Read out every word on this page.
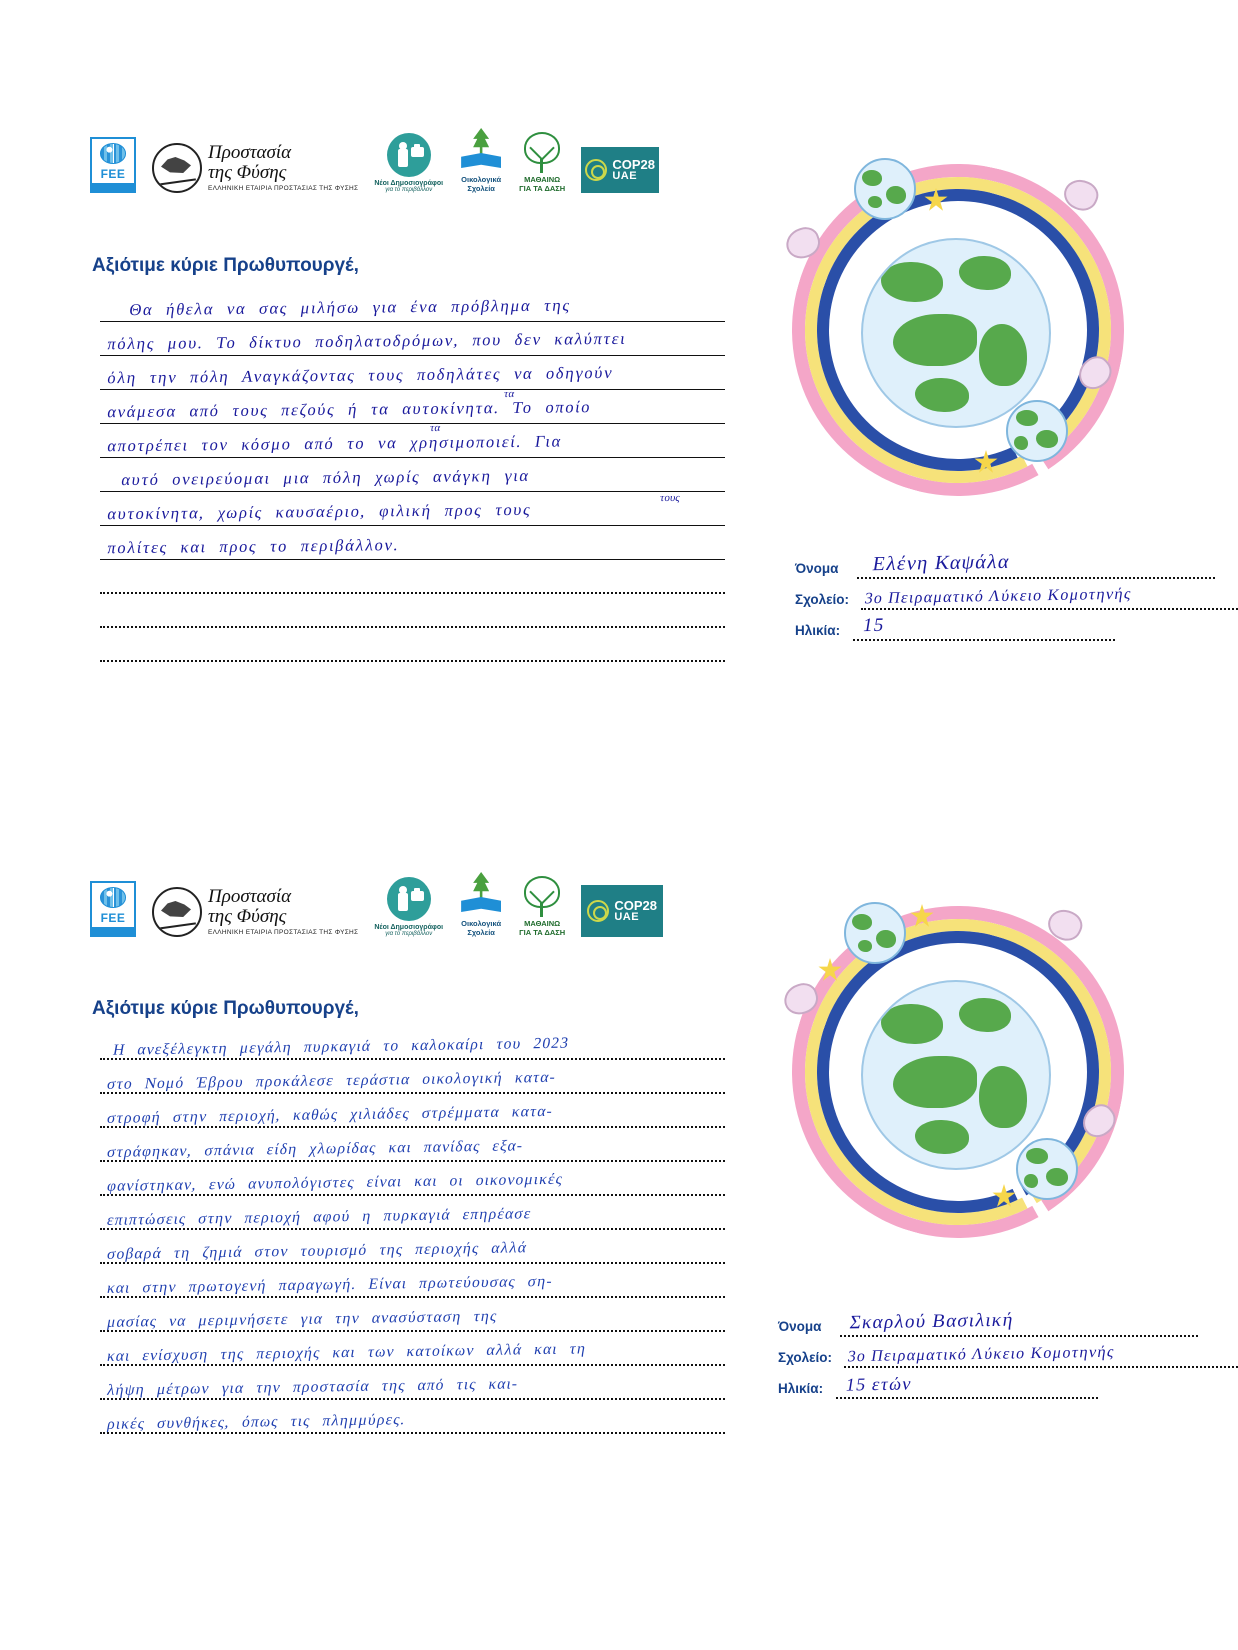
FEE
Προστασία
της Φύσης
ΕΛΛΗΝΙΚΗ ΕΤΑΙΡΙΑ ΠΡΟΣΤΑΣΙΑΣ ΤΗΣ ΦΥΣΗΣ
Νέοι Δημοσιογράφοι
για το περιβάλλον
Οικολογικά
Σχολεία
ΜΑΘΑΙΝΩ
ΓΙΑ ΤΑ ΔΑΣΗ
COP28
UAE
Αξιότιμε κύριε Πρωθυπουργέ,
Θα ήθελα να σας μιλήσω για ένα πρόβλημα της
πόλης μου. Το δίκτυο ποδηλατοδρόμων, που δεν καλύπτει
όλη την πόλη Αναγκάζοντας τους ποδηλάτες να οδηγούν
ανάμεσα από τους πεζούς ή τα αυτοκίνητα. Το οποίο
τα
αποτρέπει τον κόσμο από το να χρησιμοποιεί. Για
τα
αυτό ονειρεύομαι μια πόλη χωρίς ανάγκη για
αυτοκίνητα, χωρίς καυσαέριο, φιλική προς τους
τους
πολίτες και προς το περιβάλλον.
Όνομα Ελένη Καψάλα
Σχολείο: 3ο Πειραματικό Λύκειο Κομοτηνής
Ηλικία: 15
FEE
Προστασία
της Φύσης
ΕΛΛΗΝΙΚΗ ΕΤΑΙΡΙΑ ΠΡΟΣΤΑΣΙΑΣ ΤΗΣ ΦΥΣΗΣ
Νέοι Δημοσιογράφοι
για το περιβάλλον
Οικολογικά
Σχολεία
ΜΑΘΑΙΝΩ
ΓΙΑ ΤΑ ΔΑΣΗ
COP28
UAE
Αξιότιμε κύριε Πρωθυπουργέ,
Η ανεξέλεγκτη μεγάλη πυρκαγιά το καλοκαίρι του 2023
στο Νομό Έβρου προκάλεσε τεράστια οικολογική κατα-
στροφή στην περιοχή, καθώς χιλιάδες στρέμματα κατα-
στράφηκαν, σπάνια είδη χλωρίδας και πανίδας εξα-
φανίστηκαν, ενώ ανυπολόγιστες είναι και οι οικονομικές
επιπτώσεις στην περιοχή αφού η πυρκαγιά επηρέασε
σοβαρά τη ζημιά στον τουρισμό της περιοχής αλλά
και στην πρωτογενή παραγωγή. Είναι πρωτεύουσας ση-
μασίας να μεριμνήσετε για την ανασύσταση της
και ενίσχυση της περιοχής και των κατοίκων αλλά και τη
λήψη μέτρων για την προστασία της από τις και-
ρικές συνθήκες, όπως τις πλημμύρες.
Όνομα Σκαρλού Βασιλική
Σχολείο: 3ο Πειραματικό Λύκειο Κομοτηνής
Ηλικία: 15 ετών
